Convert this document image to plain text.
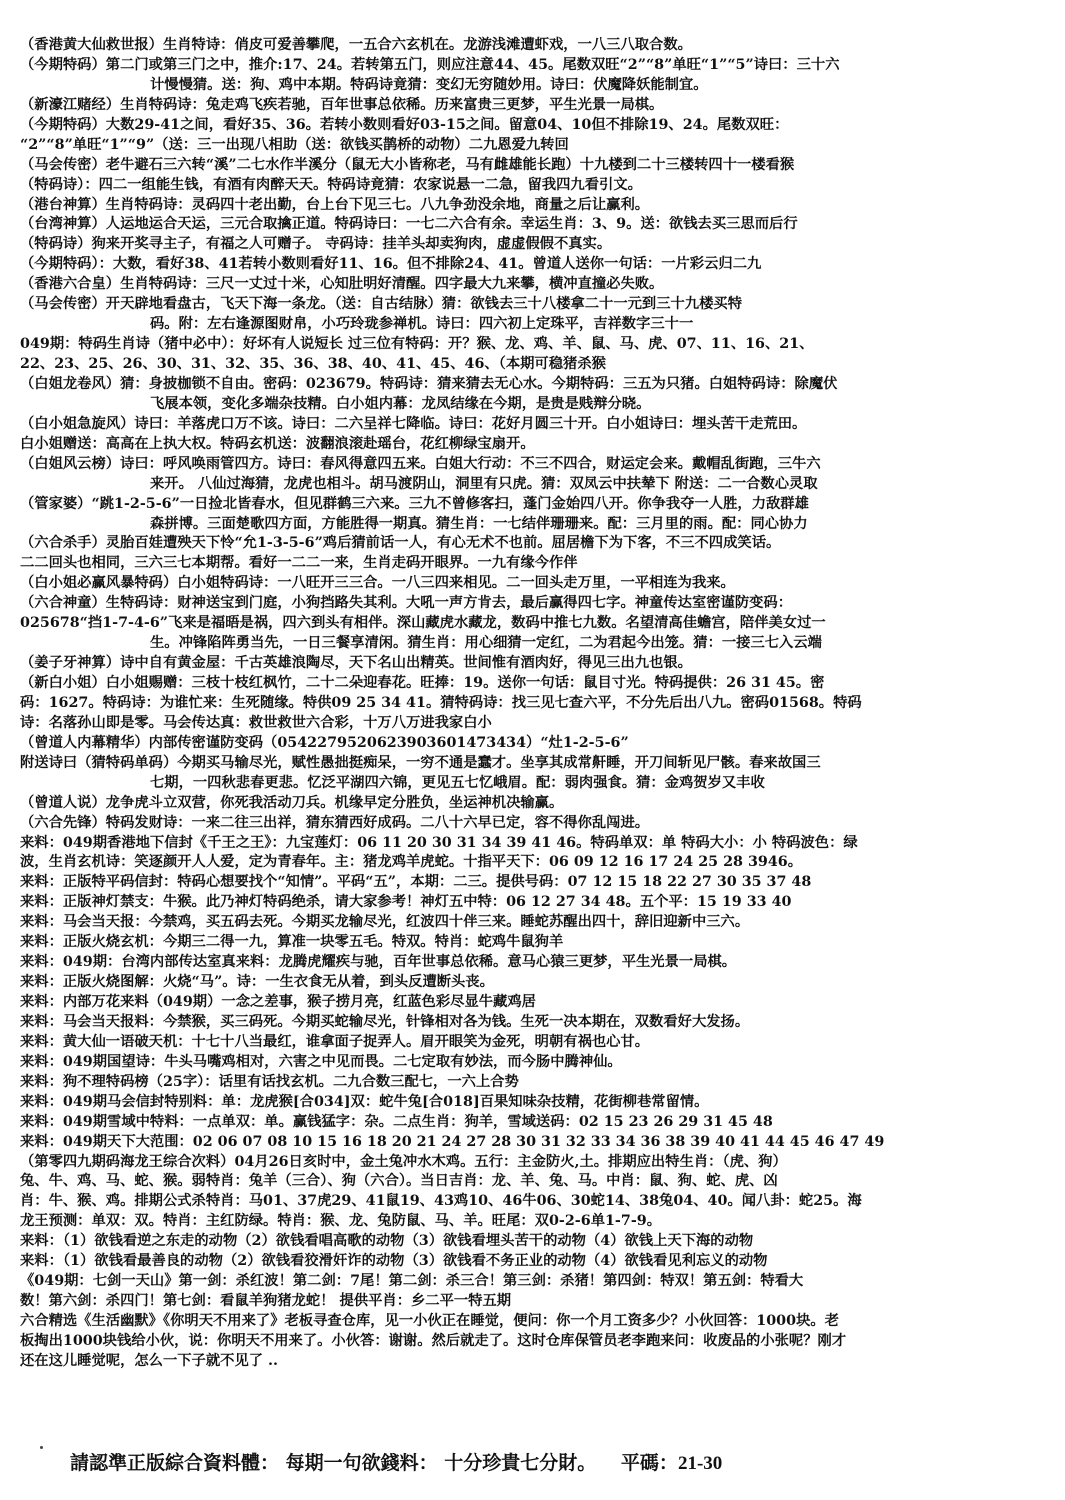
（香港黄大仙救世报）生肖特诗：俏皮可爱善攀爬，一五合六玄机在。龙游浅滩遭虾戏，一八三八取合数。
（今期特码）第二门或第三门之中，推介:17、24。若转第五门，则应注意44、45。尾数双旺“2”“8”单旺“1”“5”诗曰：三十六
计慢慢猜。送：狗、鸡中本期。特码诗竟猜：变幻无穷随妙用。诗曰：伏魔降妖能制宜。
（新濠江赌经）生肖特码诗：兔走鸡飞疾若驰，百年世事总依稀。历来富贵三更梦，平生光景一局棋。
（今期特码）大数29-41之间，看好35、36。若转小数则看好03-15之间。留意04、10但不排除19、24。尾数双旺：
“2”“8”单旺“1”“9”（送：三一出现八相助（送：欲钱买鹊桥的动物）二九恩爱九转回
（马会传密）老牛避石三六转“溪”二七水作半溪分（鼠无大小皆称老，马有雌雄能长跑）十九楼到二十三楼转四十一楼看猴
（特码诗）：四二一组能生钱，有酒有肉醉天天。特码诗竟猜：农家说悬一二急，留我四九看引文。
（港台神算）生肖特码诗：灵码四十老出勤，台上台下见三七。八九争劲没余地，商量之后让赢利。
（台湾神算）人运地运合天运，三元合取擒正道。特码诗曰：一七二六合有余。幸运生肖：3、9。送：欲钱去买三思而后行
（特码诗）狗来开奖寻主子，有福之人可赠子。 寺码诗：挂羊头却卖狗肉，虚虚假假不真实。
（今期特码）：大数，看好38、41若转小数则看好11、16。但不排除24、41。曾道人送你一句话：一片彩云归二九
（香港六合皇）生肖特码诗：三尺一丈过十米，心知肚明好清醒。四字最大九来攀，横冲直撞必失败。
（马会传密）开天辟地看盘古，飞天下海一条龙。（送：自古结脉）猜：欲钱去三十八楼拿二十一元到三十九楼买特
码。附：左右逢源图财帛，小巧玲珑参禅机。诗曰：四六初上定珠平，吉祥数字三十一
049期：特码生肖诗（猪中必中）：好坏有人说短长 过三位有特码：开？猴、龙、鸡、羊、鼠、马、虎、07、11、16、21、
22、23、25、26、30、31、32、35、36、38、40、41、45、46、（本期可稳猪杀猴
（白姐龙卷风）猜：身披枷锁不自由。密码：023679。特码诗：猜来猜去无心水。今期特码：三五为只猪。白姐特码诗：除魔伏
飞展本领，变化多端杂技精。白小姐内幕：龙凤结缘在今期，是贵是贱辩分晓。
（白小姐急旋风）诗曰：羊落虎口万不该。诗曰：二六呈祥七降临。诗曰：花好月圆三十开。白小姐诗曰：埋头苦干走荒田。
白小姐赠送：高高在上执大权。特码玄机送：波翻浪滚赴瑶台，花红柳绿宝扇开。
（白姐风云榜）诗曰：呼风唤雨管四方。诗曰：春风得意四五来。白姐大行动：不三不四合，财运定会来。戴帽乱街跑，三牛六
来开。 八仙过海猜，龙虎也相斗。胡马渡阴山，洞里有只虎。猜：双凤云中扶辇下 附送：二一合数心灵取
（管家婆）“跳1-2-5-6”一日捡北皆春水，但见群鹤三六来。三九不曾修客扫，蓬门金始四八开。你争我夺一人胜，力敌群雄
森拼博。三面楚歌四方面，方能胜得一期真。猜生肖：一七结伴珊珊来。配：三月里的雨。配：同心协力
（六合杀手）灵胎百娃遭殃天下怜“允1-3-5-6”鸡后猜前话一人，有心无术不也前。屈居檐下为下客，不三不四成笑话。
二二回头也相同，三六三七本期帮。看好一二二一来，生肖走码开眼界。一九有缘今作伴
（白小姐必赢风暴特码）白小姐特码诗：一八旺开三三合。一八三四来相见。二一回头走万里，一平相连为我来。
（六合神童）生特码诗：财神送宝到门庭，小狗挡路失其利。大吼一声方肯去，最后赢得四七字。神童传达室密谨防变码：
025678“挡1-7-4-6”飞来是福晤是祸，四六到头有相伴。深山藏虎水藏龙，数码中推七九数。名望清高佳蟾宫，陪伴美女过一
生。冲锋陷阵勇当先，一日三餐享清闲。猜生肖：用心细猜一定红，二为君起今出笼。猜：一接三七入云端
（姜子牙神算）诗中自有黄金屋：千古英雄浪陶尽，天下名山出精英。世间惟有酒肉好，得见三出九也银。
（新白小姐）白小姐赐赠：三枝十枝红枫竹，二十二朵迎春花。旺捧：19。送你一句话：鼠目寸光。特码提供：26 31 45。密
码：1627。特码诗：为谁忙来：生死随缘。特供09 25 34 41。猜特码诗：找三见七查六平，不分先后出八九。密码01568。特码
诗：名落孙山即是零。马会传达真：救世救世六合彩，十万八万进我家白小
（曾道人内幕精华）内部传密谨防变码（05422795206239036014734​34）“灶1-2-5-6”
附送诗曰（猜特码单码）今期买马输尽光，赋性愚拙挺痴呆，一穷不通是蠢才。坐享其成常鼾睡，开刀间斩见尸骸。春来故国三
七期，一四秋悲春更悲。忆泛平湖四六锦，更见五七忆峨眉。配：弱肉强食。猜：金鸡贺岁又丰收
（曾道人说）龙争虎斗立双营，你死我活动刀兵。机缘早定分胜负，坐运神机决输赢。
（六合先锋）特码发财诗：一来二往三出祥，猜东猜西好成码。二八十六早已定，容不得你乱闯进。
来料：049期香港地下信封《千王之王》：九宝莲灯：06 11 20 30 31 34 39 41 46。特码单双：单 特码大小：小 特码波色：绿
波，生肖玄机诗：笑逐颜开人人爱，定为青春年。主：猪龙鸡羊虎蛇。十指平天下：06 09 12 16 17 24 25 28 3946。
来料：正版特平码信封：特码心想要找个“知情”。平码“五”，本期：二三。提供号码：07 12 15 18 22 27 30 35 37 48
来料：正版神灯禁支：牛猴。此乃神灯特码绝杀，请大家参考！神灯五中特：06 12 27 34 48。五个平：15 19 33 40
来料：马会当天报：今禁鸡，买五码去死。今期买龙输尽光，红波四十伴三来。睡蛇苏醒出四十，辞旧迎新中三六。
来料：正版火烧玄机：今期三二得一九，算准一块零五毛。特双。特肖：蛇鸡牛鼠狗羊
来料：049期：台湾内部传达室真来料：龙腾虎耀疾与驰，百年世事总依稀。意马心猿三更梦，平生光景一局棋。
来料：正版火烧图解：火烧“马”。诗：一生衣食无从着，到头反遭断头丧。
来料：内部万花来料（049期）一念之差事，猴子捞月亮，红蓝色彩尽显牛藏鸡居
来料：马会当天报料：今禁猴，买三码死。今期买蛇输尽光，针锋相对各为钱。生死一决本期在，双数看好大发扬。
来料：黄大仙一语破天机：十七十八当最红，谁拿面子捉弄人。眉开眼笑为金死，明朝有祸也心甘。
来料：049期国望诗：牛头马嘴鸡相对，六害之中见而畏。二七定取有妙法，而今肠中腾神仙。
来料：狗不理特码榜（25字）：话里有话找玄机。二九合数三配七，一六上合势
来料：049期马会信封特别料：单：龙虎猴[合034]双：蛇牛兔[合018]百果知味杂技精，花街柳巷常留情。
来料：049期雪域中特料：一点单双：单。赢钱猛字：杂。二点生肖：狗羊，雪域送码：02 15 23 26 29 31 45 48
来料：049期天下大范围：02 06 07 08 10 15 16 18 20 21 24 27 28 30 31 32 33 34 36 38 39 40 41 44 45 46 47 49
（第零四九期码海龙王综合次料）04月26日亥时中，金土兔冲水木鸡。五行：主金防火,土。排期应出特生肖：（虎、狗）
兔、牛、鸡、马、蛇、猴。弱特肖：兔羊（三合）、狗（六合）。当日吉肖：龙、羊、兔、马。中肖：鼠、狗、蛇、虎、凶
肖：牛、猴、鸡。排期公式杀特肖：马01、37虎29、41鼠19、43鸡10、46牛06、30蛇14、38兔04、40。闻八卦：蛇25。海
龙王预测：单双：双。特肖：主红防绿。特肖：猴、龙、兔防鼠、马、羊。旺尾：双0-2-6单1-7-9。
来料：（1）欲钱看逆之东走的动物（2）欲钱看唱高歌的动物（3）欲钱看埋头苦干的动物（4）欲钱上天下海的动物
来料：（1）欲钱看最善良的动物（2）欲钱看狡滑奸诈的动物（3）欲钱看不务正业的动物（4）欲钱看见利忘义的动物
《049期：七剑一天山》第一剑：杀红波！第二剑：7尾！第二剑：杀三合！第三剑：杀猪！第四剑：特双！第五剑：特看大
数！第六剑：杀四门！第七剑：看鼠羊狗猪龙蛇！ 提供平肖：乡二平一特五期
六合精选《生活幽默》《你明天不用来了》老板寻查仓库，见一小伙正在睡觉，便问：你一个月工资多少？小伙回答：1000块。老
板掏出1000块钱给小伙，说：你明天不用来了。小伙答：谢谢。然后就走了。这时仓库保管员老李跑来问：收废品的小张呢？刚才
还在这儿睡觉呢，怎么一下子就不见了 ..
請認準正版綜合資料體： 每期一句欲錢料： 十分珍貴七分財。 平碼：21-30
